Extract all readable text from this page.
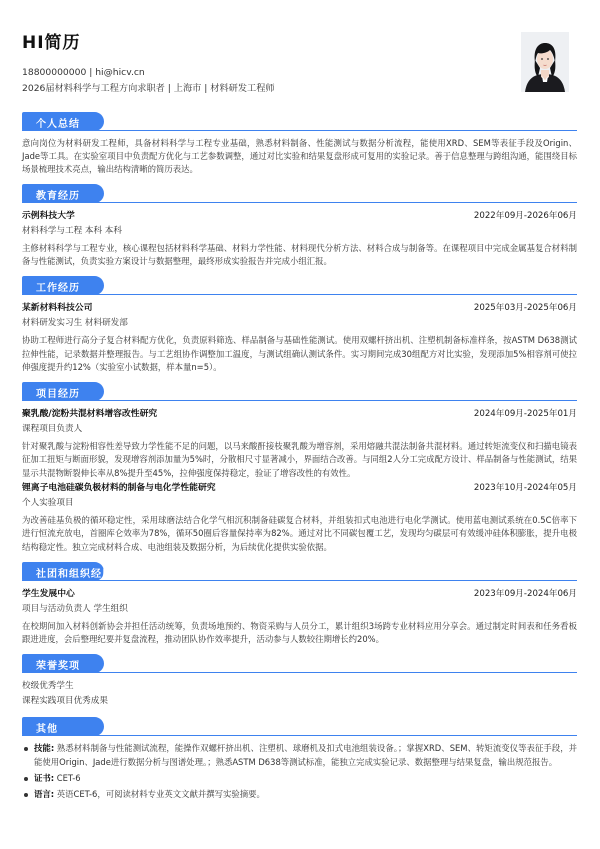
HI简历
18800000000 | hi@hicv.cn
2026届材料科学与工程方向求职者 | 上海市 | 材料研发工程师
个人总结
意向岗位为材料研发工程师，具备材料科学与工程专业基础，熟悉材料制备、性能测试与数据分析流程，能使用XRD、SEM等表征手段及Origin、Jade等工具。在实验室项目中负责配方优化与工艺参数调整，通过对比实验和结果复盘形成可复用的实验记录。善于信息整理与跨组沟通，能围绕目标场景梳理技术亮点，输出结构清晰的简历表达。
教育经历
示例科技大学	2022年09月-2026年06月
材料科学与工程 本科 本科
主修材料科学与工程专业，核心课程包括材料科学基础、材料力学性能、材料现代分析方法、材料合成与制备等。在课程项目中完成金属基复合材料制备与性能测试，负责实验方案设计与数据整理，最终形成实验报告并完成小组汇报。
工作经历
某新材料科技公司	2025年03月-2025年06月
材料研发实习生 材料研发部
协助工程师进行高分子复合材料配方优化，负责原料筛选、样品制备与基础性能测试。使用双螺杆挤出机、注塑机制备标准样条，按ASTM D638测试拉伸性能，记录数据并整理报告。与工艺组协作调整加工温度，与测试组确认测试条件。实习期间完成30组配方对比实验，发现添加5%相容剂可使拉伸强度提升约12%（实验室小试数据，样本量n=5）。
项目经历
聚乳酸/淀粉共混材料增容改性研究	2024年09月-2025年01月
课程项目负责人
针对聚乳酸与淀粉相容性差导致力学性能不足的问题，以马来酸酐接枝聚乳酸为增容剂，采用熔融共混法制备共混材料。通过转矩流变仪和扫描电镜表征加工扭矩与断面形貌，发现增容剂添加量为5%时，分散相尺寸显著减小，界面结合改善。与同组2人分工完成配方设计、样品制备与性能测试，结果显示共混物断裂伸长率从8%提升至45%，拉伸强度保持稳定，验证了增容改性的有效性。
锂离子电池硅碳负极材料的制备与电化学性能研究	2023年10月-2024年05月
个人实验项目
为改善硅基负极的循环稳定性，采用球磨法结合化学气相沉积制备硅碳复合材料，并组装扣式电池进行电化学测试。使用蓝电测试系统在0.5C倍率下进行恒流充放电，首圈库仑效率为78%，循环50圈后容量保持率为82%。通过对比不同碳包覆工艺，发现均匀碳层可有效缓冲硅体积膨胀，提升电极结构稳定性。独立完成材料合成、电池组装及数据分析，为后续优化提供实验依据。
社团和组织经历
学生发展中心	2023年09月-2024年06月
项目与活动负责人 学生组织
在校期间加入材料创新协会并担任活动统筹，负责场地预约、物资采购与人员分工，累计组织3场跨专业材料应用分享会。通过制定时间表和任务看板跟进进度，会后整理纪要并复盘流程，推动团队协作效率提升，活动参与人数较往期增长约20%。
荣誉奖项
校级优秀学生
课程实践项目优秀成果
其他
技能: 熟悉材料制备与性能测试流程，能操作双螺杆挤出机、注塑机、球磨机及扣式电池组装设备。；掌握XRD、SEM、转矩流变仪等表征手段，并能使用Origin、Jade进行数据分析与图谱处理。；熟悉ASTM D638等测试标准，能独立完成实验记录、数据整理与结果复盘，输出规范报告。
证书: CET-6
语言: 英语CET-6，可阅读材料专业英文文献并撰写实验摘要。
